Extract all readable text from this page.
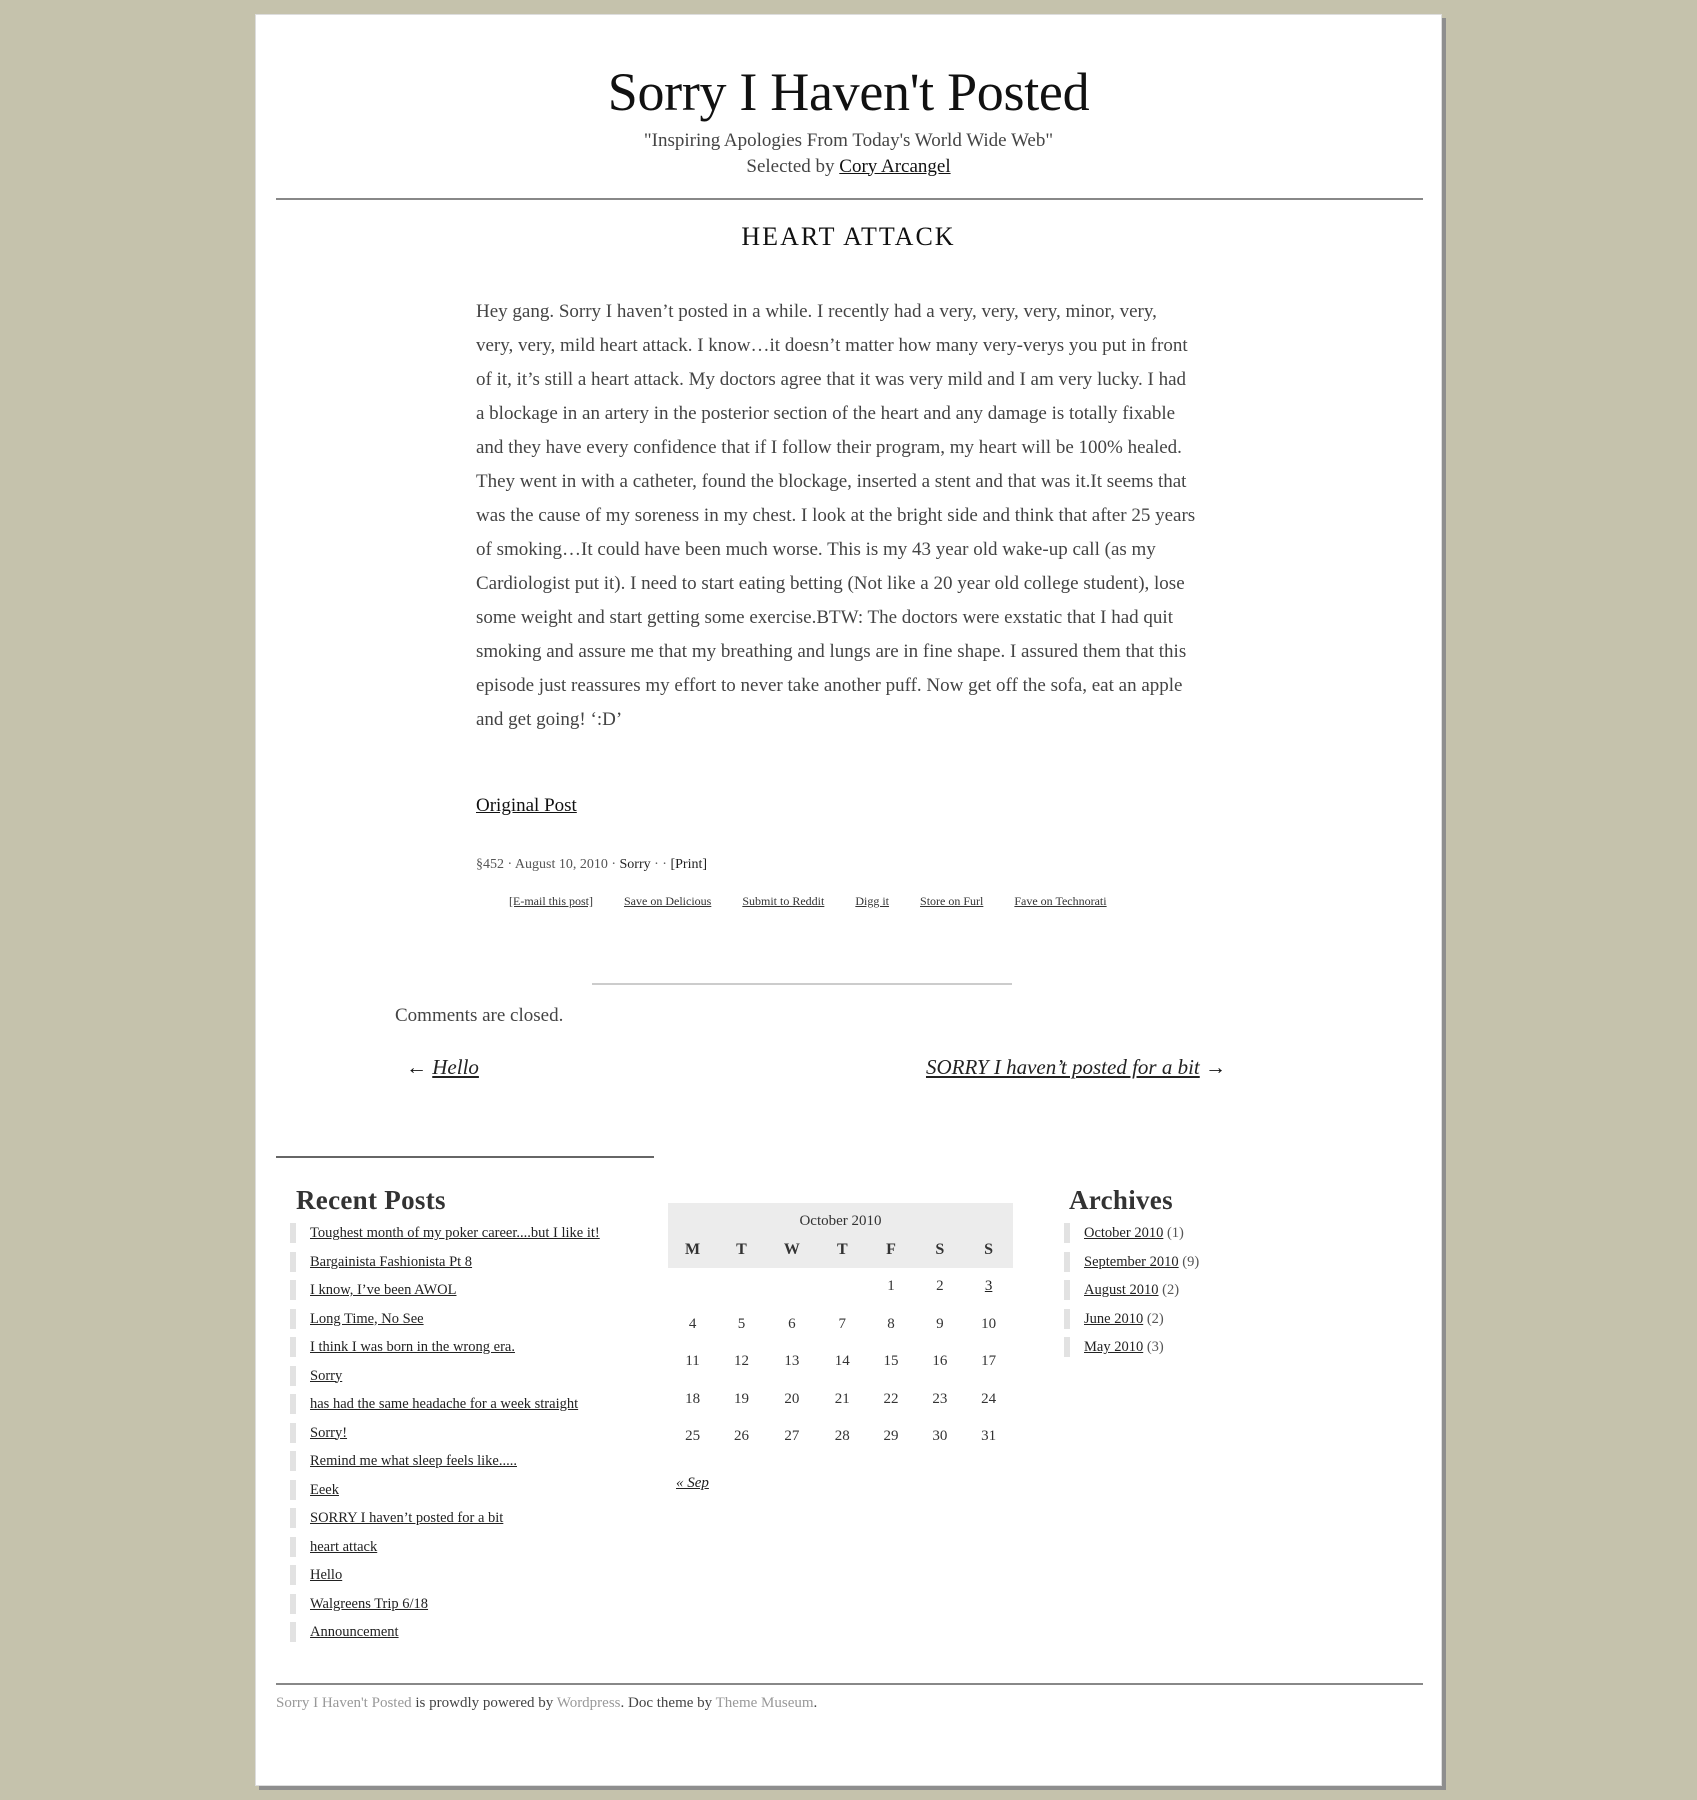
Sorry I Haven't Posted
"Inspiring Apologies From Today's World Wide Web"
Selected by Cory Arcangel
HEART ATTACK

Hey gang. Sorry I haven’t posted in a while. I recently had a very, very, very, minor, very, very, very, mild heart attack. I know…it doesn’t matter how many very-verys you put in front of it, it’s still a heart attack. My doctors agree that it was very mild and I am very lucky. I had a blockage in an artery in the posterior section of the heart and any damage is totally fixable and they have every confidence that if I follow their program, my heart will be 100% healed. They went in with a catheter, found the blockage, inserted a stent and that was it.It seems that was the cause of my soreness in my chest. I look at the bright side and think that after 25 years of smoking…It could have been much worse. This is my 43 year old wake-up call (as my Cardiologist put it). I need to start eating betting (Not like a 20 year old college student), lose some weight and start getting some exercise.BTW: The doctors were exstatic that I had quit smoking and assure me that my breathing and lungs are in fine shape. I assured them that this episode just reassures my effort to never take another puff. Now get off the sofa, eat an apple and get going! ‘:D’

Original Post
§452 · August 10, 2010 · Sorry · · [Print]
[E-mail this post]	Save on Delicious	Submit to Reddit	Digg it	Store on Furl	Fave on Technorati
Comments are closed.
← Hello	SORRY I haven’t posted for a bit →
Recent Posts
Toughest month of my poker career....but I like it!
Bargainista Fashionista Pt 8
I know, I’ve been AWOL
Long Time, No See
I think I was born in the wrong era.
Sorry
has had the same headache for a week straight
Sorry!
Remind me what sleep feels like.....
Eeek
SORRY I haven’t posted for a bit
heart attack
Hello
Walgreens Trip 6/18
Announcement
October 2010
M	T	W	T	F	S	S
				1	2	3
4	5	6	7	8	9	10
11	12	13	14	15	16	17
18	19	20	21	22	23	24
25	26	27	28	29	30	31
« Sep
Archives
October 2010 (1)
September 2010 (9)
August 2010 (2)
June 2010 (2)
May 2010 (3)
Sorry I Haven't Posted is prowdly powered by Wordpress. Doc theme by Theme Museum.
